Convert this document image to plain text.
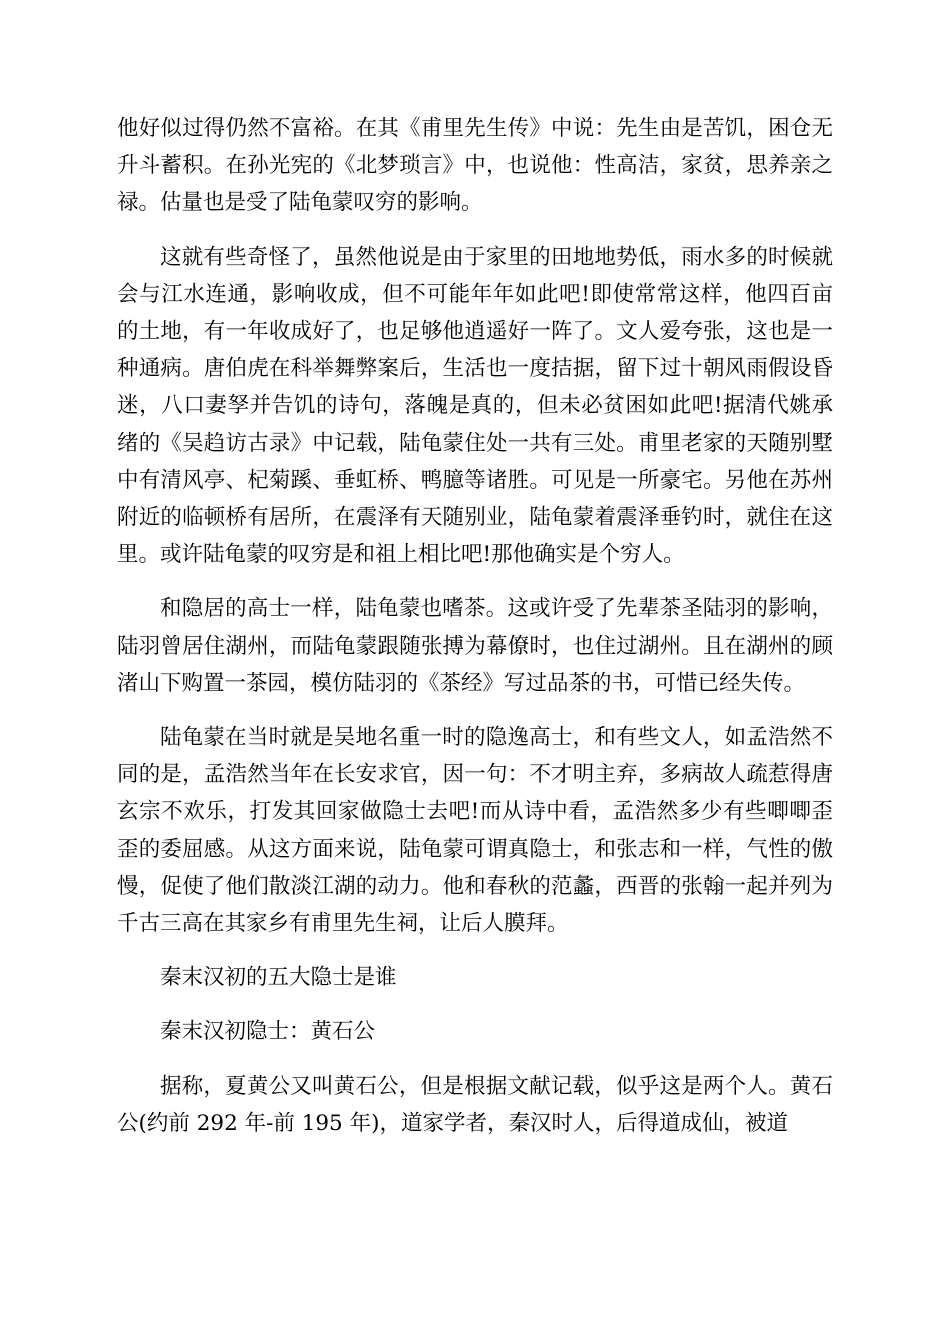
他好似过得仍然不富裕。在其《甫里先生传》中说：先生由是苦饥，困仓无升斗蓄积。在孙光宪的《北梦琐言》中，也说他：性高洁，家贫，思养亲之禄。估量也是受了陆龟蒙叹穷的影响。

这就有些奇怪了，虽然他说是由于家里的田地地势低，雨水多的时候就会与江水连通，影响收成，但不可能年年如此吧!即使常常这样，他四百亩的土地，有一年收成好了，也足够他逍遥好一阵了。文人爱夸张，这也是一种通病。唐伯虎在科举舞弊案后，生活也一度拮据，留下过十朝风雨假设昏迷，八口妻孥并告饥的诗句，落魄是真的，但未必贫困如此吧!据清代姚承绪的《吴趋访古录》中记载，陆龟蒙住处一共有三处。甫里老家的天随别墅中有清风亭、杞菊蹊、垂虹桥、鸭臆等诸胜。可见是一所豪宅。另他在苏州附近的临顿桥有居所，在震泽有天随别业，陆龟蒙着震泽垂钓时，就住在这里。或许陆龟蒙的叹穷是和祖上相比吧!那他确实是个穷人。

和隐居的高士一样，陆龟蒙也嗜茶。这或许受了先辈茶圣陆羽的影响，陆羽曾居住湖州，而陆龟蒙跟随张搏为幕僚时，也住过湖州。且在湖州的顾渚山下购置一茶园，模仿陆羽的《茶经》写过品茶的书，可惜已经失传。

陆龟蒙在当时就是吴地名重一时的隐逸高士，和有些文人，如孟浩然不同的是，孟浩然当年在长安求官，因一句：不才明主弃，多病故人疏惹得唐玄宗不欢乐，打发其回家做隐士去吧!而从诗中看，孟浩然多少有些唧唧歪歪的委屈感。从这方面来说，陆龟蒙可谓真隐士，和张志和一样，气性的傲慢，促使了他们散淡江湖的动力。他和春秋的范蠡，西晋的张翰一起并列为千古三高在其家乡有甫里先生祠，让后人膜拜。

秦末汉初的五大隐士是谁

秦末汉初隐士：黄石公

据称，夏黄公又叫黄石公，但是根据文献记载，似乎这是两个人。黄石公(约前 292 年-前 195 年)，道家学者，秦汉时人，后得道成仙，被道
